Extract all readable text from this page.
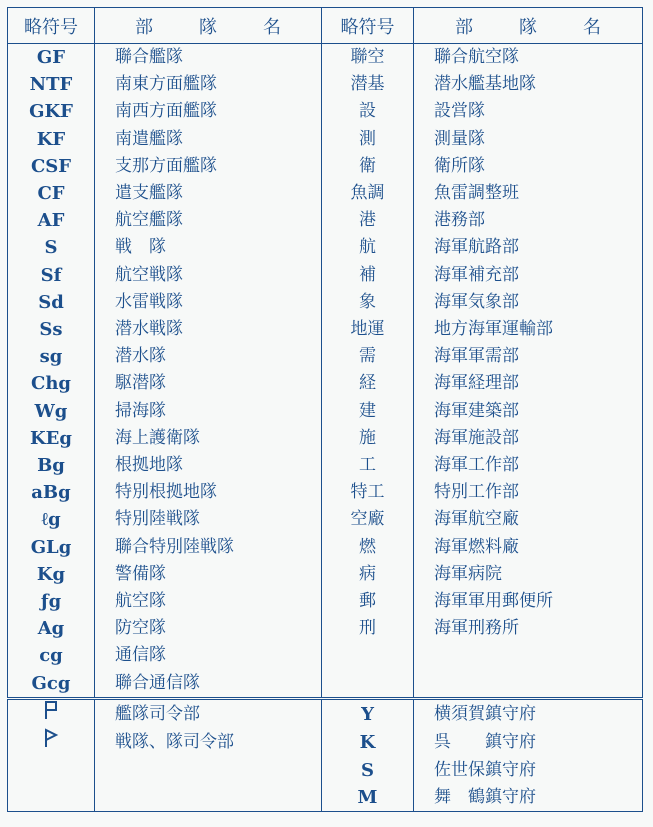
略符号	部 隊 名	略符号	部 隊 名
GF	聯合艦隊	聯空	聯合航空隊
NTF	南東方面艦隊	潜基	潜水艦基地隊
GKF	南西方面艦隊	設	設営隊
KF	南遣艦隊	測	測量隊
CSF	支那方面艦隊	衛	衛所隊
CF	遣支艦隊	魚調	魚雷調整班
AF	航空艦隊	港	港務部
S	戦　隊	航	海軍航路部
Sf	航空戦隊	補	海軍補充部
Sd	水雷戦隊	象	海軍気象部
Ss	潜水戦隊	地運	地方海軍運輸部
sg	潜水隊	需	海軍軍需部
Chg	駆潜隊	経	海軍経理部
Wg	掃海隊	建	海軍建築部
KEg	海上護衛隊	施	海軍施設部
Bg	根拠地隊	工	海軍工作部
aBg	特別根拠地隊	特工	特別工作部
ℓg	特別陸戦隊	空廠	海軍航空廠
GLg	聯合特別陸戦隊	燃	海軍燃料廠
Kg	警備隊	病	海軍病院
ƒg	航空隊	郵	海軍軍用郵便所
Ag	防空隊	刑	海軍刑務所
cg	通信隊		
Gcg	聯合通信隊		
	艦隊司令部	Y	横須賀鎮守府
	戦隊、隊司令部	K	呉　　鎮守府
		S	佐世保鎮守府
		M	舞　鶴鎮守府
